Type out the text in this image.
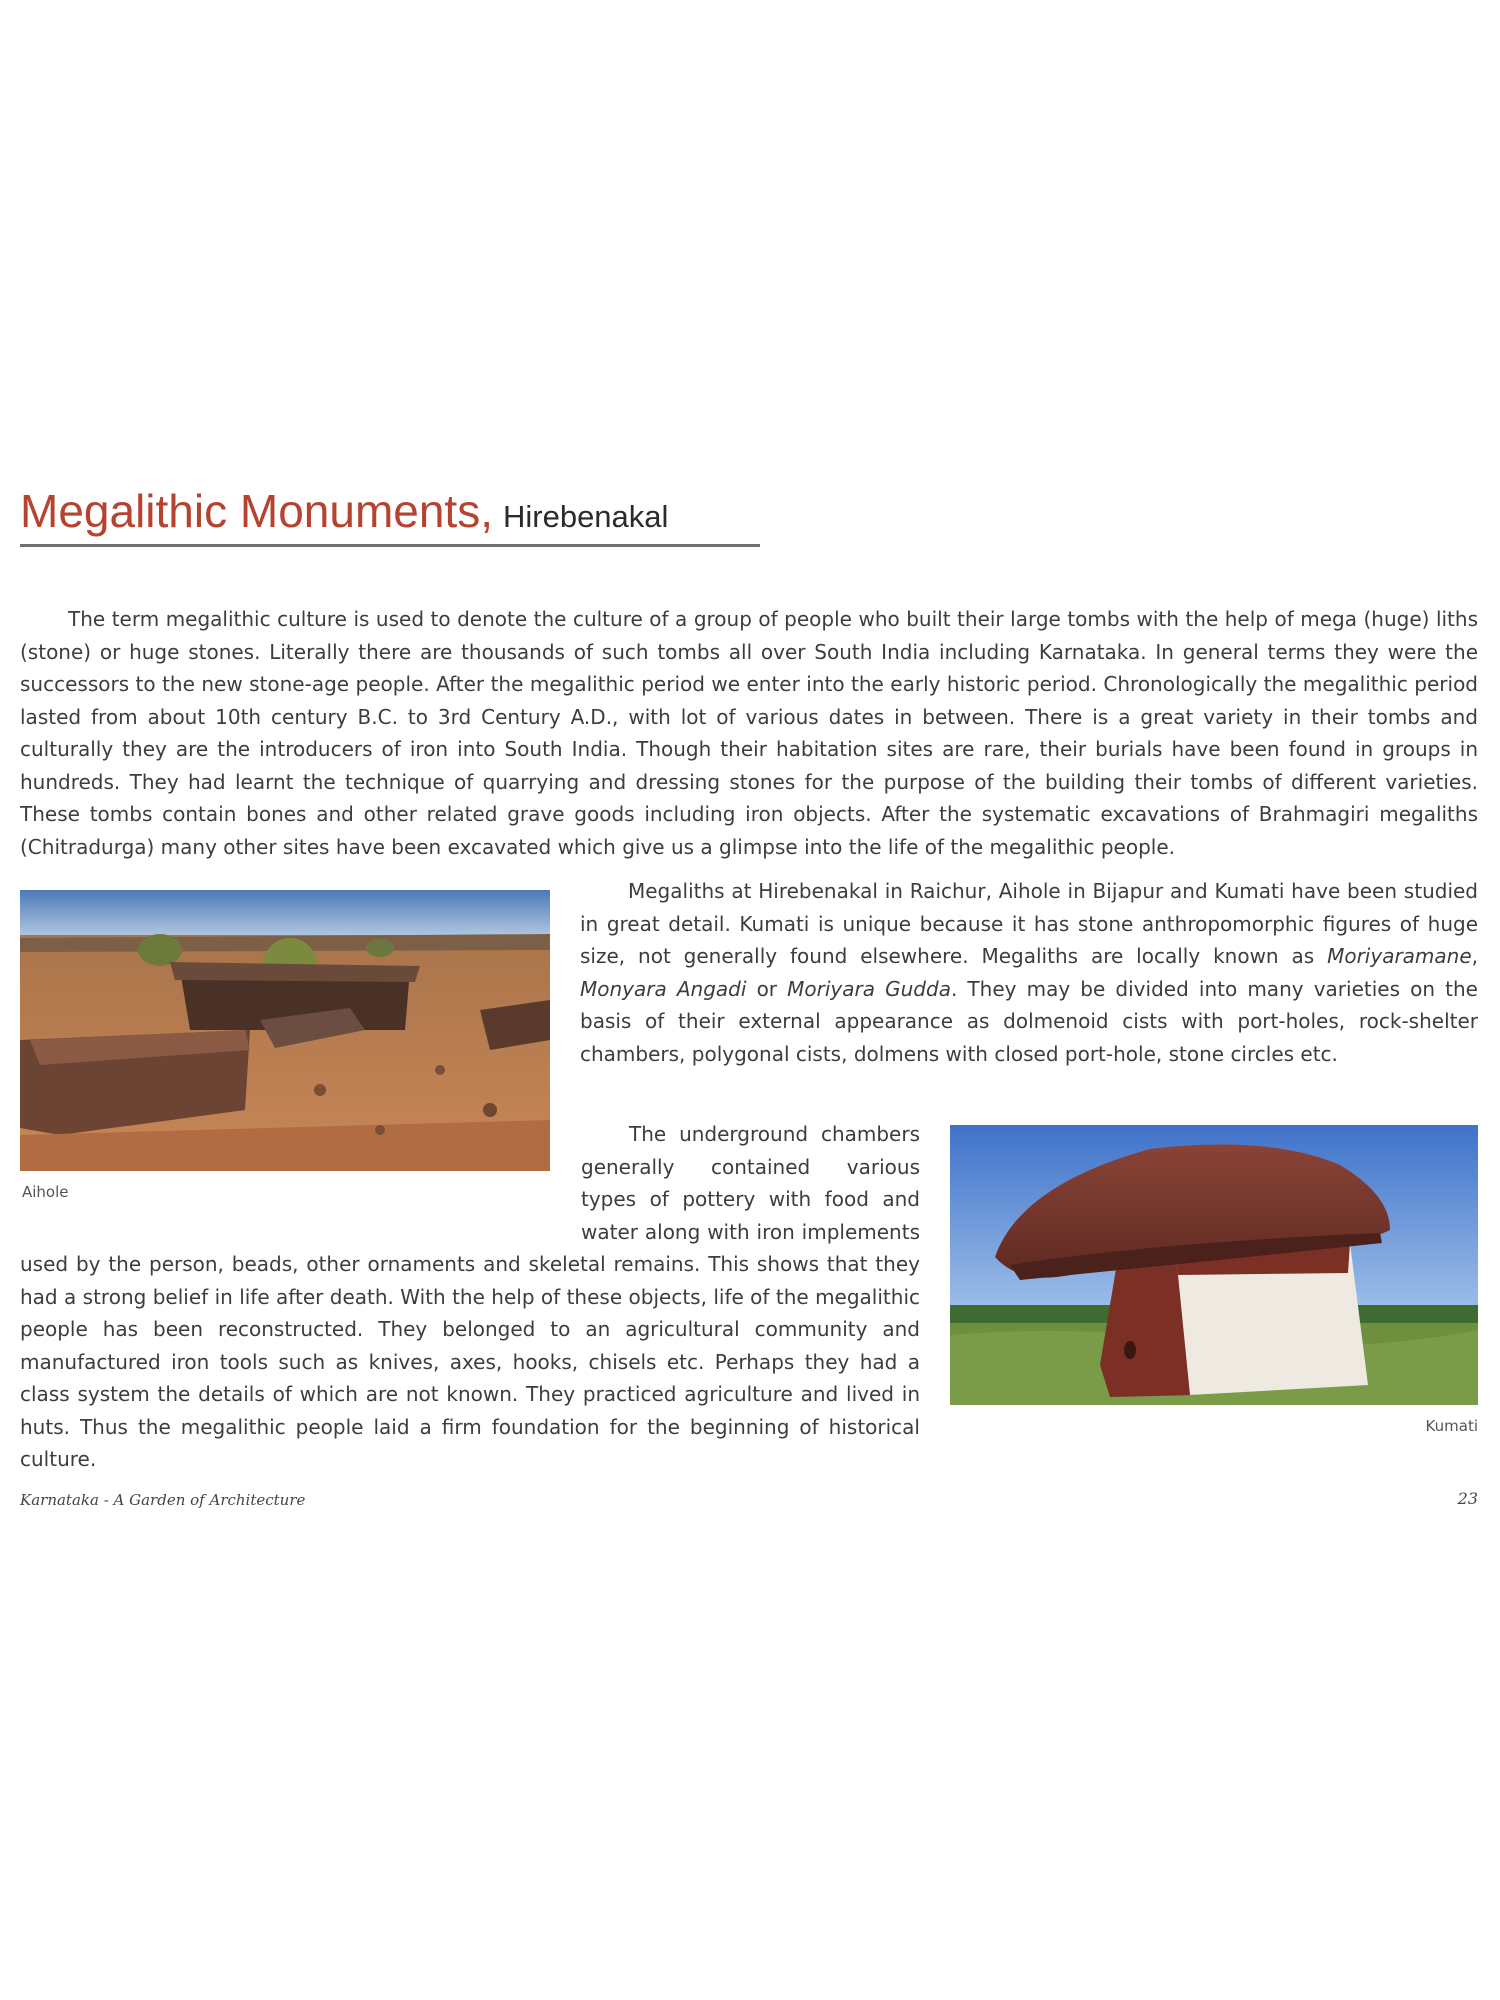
Megalithic Monuments, Hirebenakal

The term megalithic culture is used to denote the culture of a group of people who built their large tombs with the help of mega (huge) liths (stone) or huge stones. Literally there are thousands of such tombs all over South India including Karnataka. In general terms they were the successors to the new stone-age people. After the megalithic period we enter into the early historic period. Chronologically the megalithic period lasted from about 10th century B.C. to 3rd Century A.D., with lot of various dates in between. There is a great variety in their tombs and culturally they are the introducers of iron into South India. Though their habitation sites are rare, their burials have been found in groups in hundreds. They had learnt the technique of quarrying and dressing stones for the purpose of the building their tombs of different varieties. These tombs contain bones and other related grave goods including iron objects. After the systematic excavations of Brahmagiri megaliths (Chitradurga) many other sites have been excavated which give us a glimpse into the life of the megalithic people.

Aihole

Megaliths at Hirebenakal in Raichur, Aihole in Bijapur and Kumati have been studied in great detail. Kumati is unique because it has stone anthropomorphic figures of huge size, not generally found elsewhere. Megaliths are locally known as Moriyaramane, Monyara Angadi or Moriyara Gudda. They may be divided into many varieties on the basis of their external appearance as dolmenoid cists with port-holes, rock-shelter chambers, polygonal cists, dolmens with closed port-hole, stone circles etc.

The underground chambers generally contained various types of pottery with food and water along with iron implements used by the person, beads, other ornaments and skeletal remains. This shows that they had a strong belief in life after death. With the help of these objects, life of the megalithic people has been reconstructed. They belonged to an agricultural community and manufactured iron tools such as knives, axes, hooks, chisels etc. Perhaps they had a class system the details of which are not known. They practiced agriculture and lived in huts. Thus the megalithic people laid a firm foundation for the beginning of historical culture.

Kumati
Karnataka - A Garden of Architecture	23
